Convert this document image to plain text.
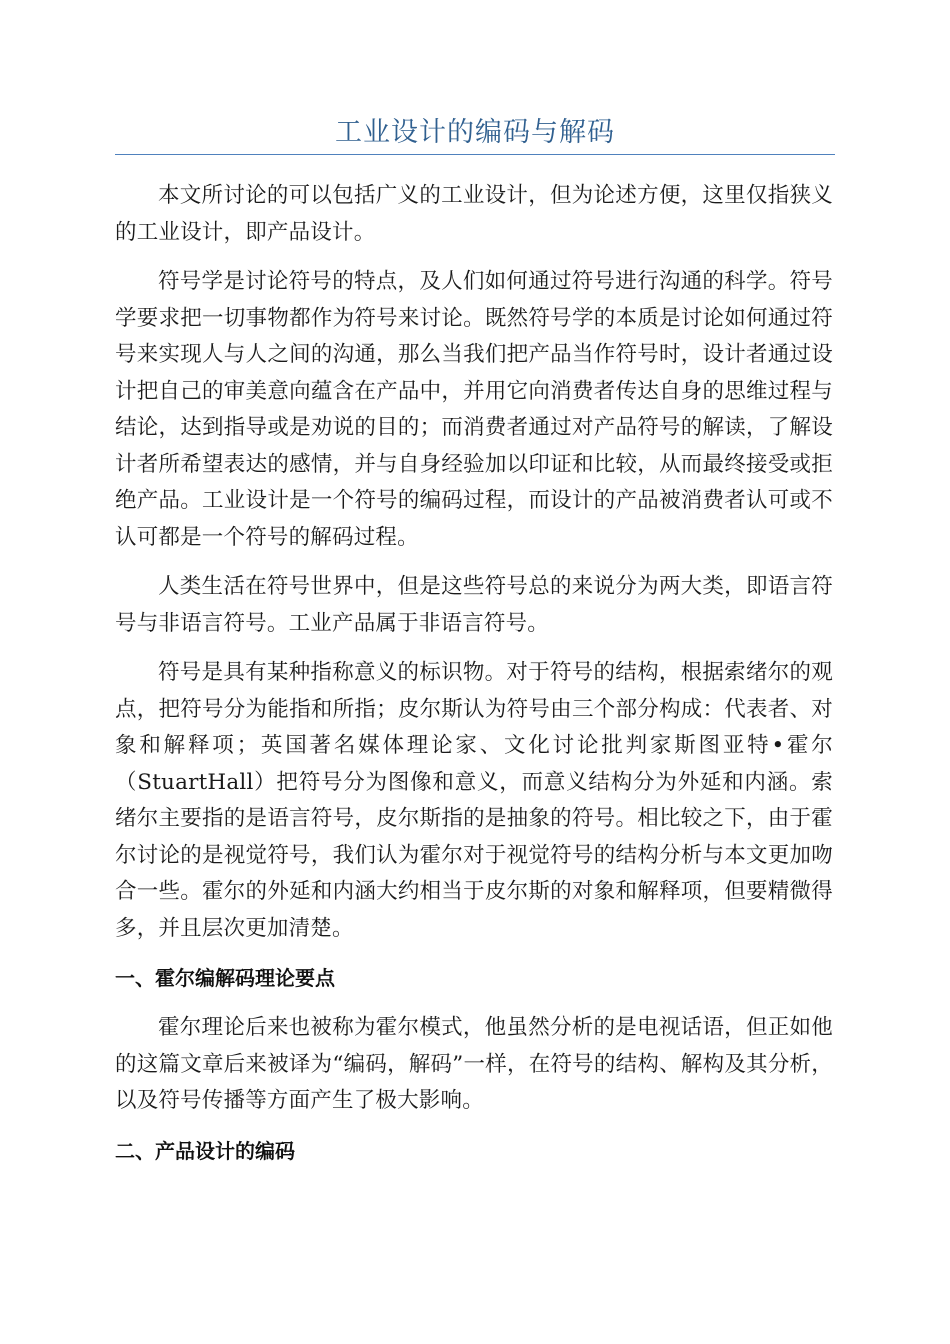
工业设计的编码与解码

本文所讨论的可以包括广义的工业设计，但为论述方便，这里仅指狭义的工业设计，即产品设计。

符号学是讨论符号的特点，及人们如何通过符号进行沟通的科学。符号学要求把一切事物都作为符号来讨论。既然符号学的本质是讨论如何通过符号来实现人与人之间的沟通，那么当我们把产品当作符号时，设计者通过设计把自己的审美意向蕴含在产品中，并用它向消费者传达自身的思维过程与结论，达到指导或是劝说的目的；而消费者通过对产品符号的解读，了解设计者所希望表达的感情，并与自身经验加以印证和比较，从而最终接受或拒绝产品。工业设计是一个符号的编码过程，而设计的产品被消费者认可或不认可都是一个符号的解码过程。

人类生活在符号世界中，但是这些符号总的来说分为两大类，即语言符号与非语言符号。工业产品属于非语言符号。

符号是具有某种指称意义的标识物。对于符号的结构，根据索绪尔的观点，把符号分为能指和所指；皮尔斯认为符号由三个部分构成：代表者、对象和解释项；英国著名媒体理论家、文化讨论批判家斯图亚特•霍尔（StuartHall）把符号分为图像和意义，而意义结构分为外延和内涵。索绪尔主要指的是语言符号，皮尔斯指的是抽象的符号。相比较之下，由于霍尔讨论的是视觉符号，我们认为霍尔对于视觉符号的结构分析与本文更加吻合一些。霍尔的外延和内涵大约相当于皮尔斯的对象和解释项，但要精微得多，并且层次更加清楚。

一、霍尔编解码理论要点

霍尔理论后来也被称为霍尔模式，他虽然分析的是电视话语，但正如他的这篇文章后来被译为“编码，解码”一样，在符号的结构、解构及其分析，以及符号传播等方面产生了极大影响。

二、产品设计的编码
